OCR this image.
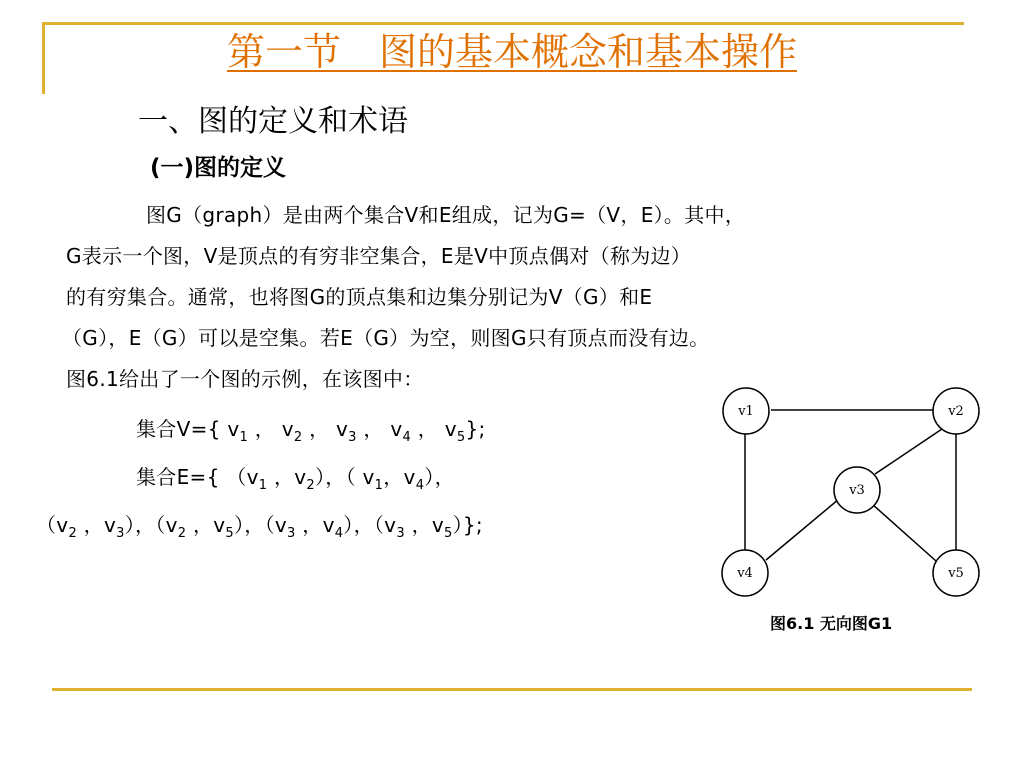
第一节　图的基本概念和基本操作
一、图的定义和术语
(一)图的定义
图G（graph）是由两个集合V和E组成，记为G=（V，E）。其中，
G表示一个图，V是顶点的有穷非空集合，E是V中顶点偶对（称为边）
的有穷集合。通常，也将图G的顶点集和边集分别记为V（G）和E
（G），E（G）可以是空集。若E（G）为空，则图G只有顶点而没有边。
图6.1给出了一个图的示例，在该图中：
集合V={ $v_1$ ， $v_2$ ， $v_3$ ， $v_4$ ， $v_5$};
集合E={ （$v_1$ ，$v_2$），（ $v_1$，$v_4$），
（$v_2$ ，$v_3$），（$v_2$ ，$v_5$），（$v_3$ ，$v_4$），（$v_3$ ，$v_5$）};
v1	v2
v3
v4	v5
图6.1 无向图G1
